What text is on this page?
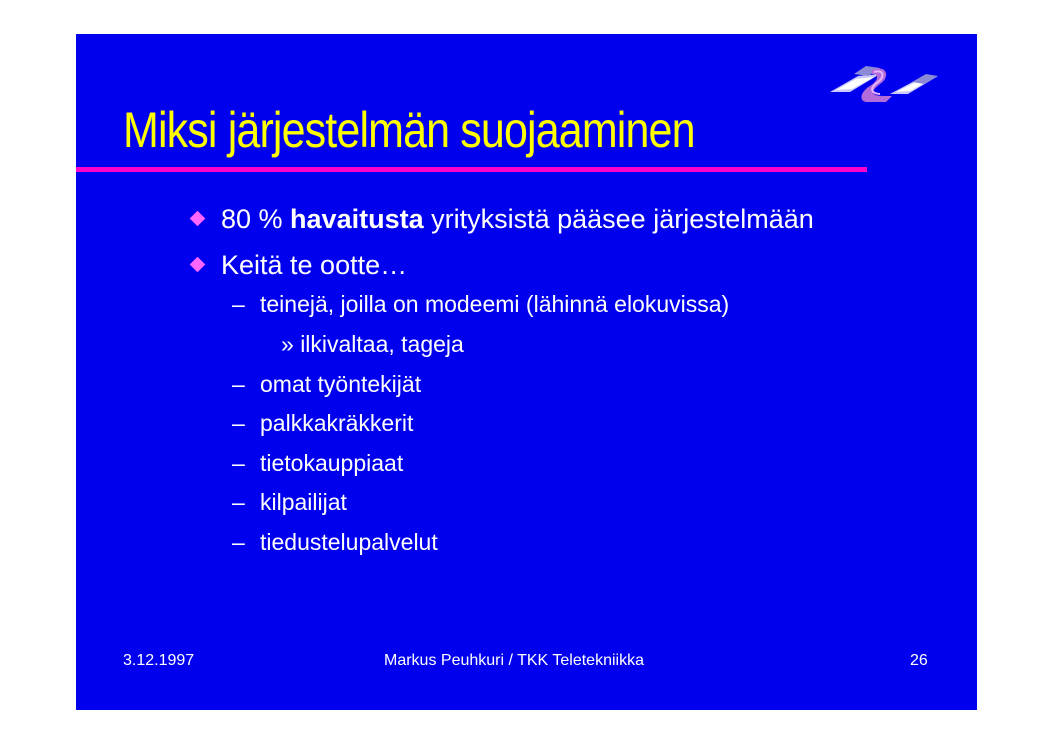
Miksi järjestelmän suojaaminen
80 % havaitusta yrityksistä pääsee järjestelmään
Keitä te ootte…
– teinejä, joilla on modeemi (lähinnä elokuvissa)
» ilkivaltaa, tageja
– omat työntekijät
– palkkakräkkerit
– tietokauppiaat
– kilpailijat
– tiedustelupalvelut
3.12.1997	Markus Peuhkuri / TKK Teletekniikka	26
